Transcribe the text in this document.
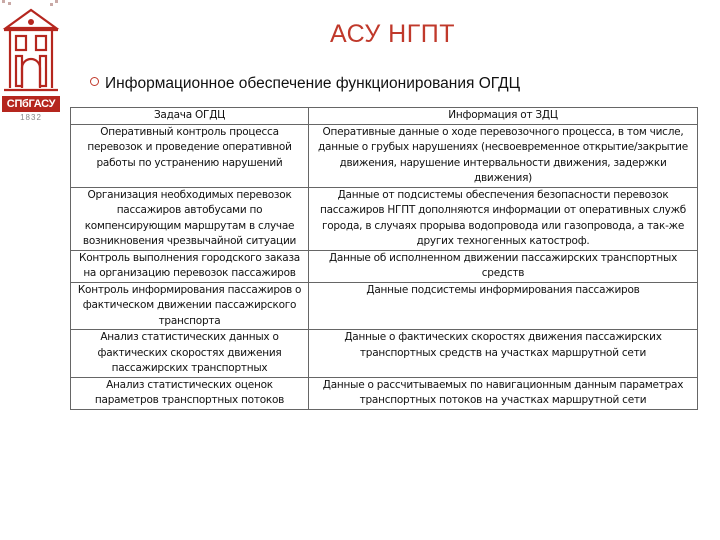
СПбГАСУ
1832
АСУ НГПТ
Информационное обеспечение функционирования ОГДЦ
Задача ОГДЦ	Информация от ЗДЦ
Оперативный контроль процесса перевозок и проведение оперативной работы по устранению нарушений	Оперативные данные о ходе перевозочного процесса, в том числе, данные о грубых нарушениях (несвоевременное открытие/закрытие движения, нарушение интервальности движения, задержки движения)
Организация необходимых перевозок пассажиров автобусами по компенсирующим маршрутам в случае возникновения чрезвычайной ситуации	Данные от подсистемы обеспечения безопасности перевозок пассажиров НГПТ дополняются информации от оперативных служб города, в случаях прорыва водопровода или газопровода, а так-же других техногенных катостроф.
Контроль выполнения городского заказа на организацию перевозок пассажиров	Данные об исполненном движении пассажирских транспортных средств
Контроль информирования пассажиров о фактическом движении пассажирского транспорта	Данные подсистемы информирования пассажиров
Анализ статистических данных о фактических скоростях движения пассажирских транспортных	Данные о фактических скоростях движения пассажирских транспортных средств на участках маршрутной сети
Анализ статистических оценок параметров транспортных потоков	Данные о рассчитываемых по навигационным данным параметрах транспортных потоков на участках маршрутной сети
